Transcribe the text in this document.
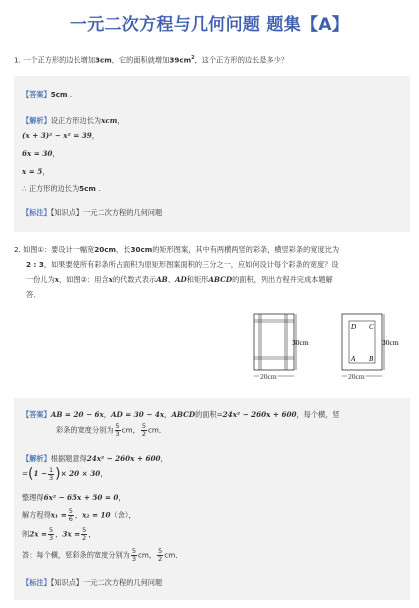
一元二次方程与几何问题 题集【A】
1. 一个正方形的边长增加3cm，它的面积就增加$39cm^2$，这个正方形的边长是多少？
【答案】5cm .
【解析】设正方形边长为xcm，
(x + 3)² − x² = 39，
6x = 30，
x = 5，
∴ 正方形的边长为5cm .
【标注】【知识点】一元二次方程的几何问题
2. 如图①：要设计一幅宽20cm，长30cm的矩形图案，其中有两横两竖的彩条，横竖彩条的宽度比为
2 : 3，如果要使所有彩条所占面积为原矩形图案面积的三分之一，应如何设计每个彩条的宽度？设
一份儿为x，如图②：用含x的代数式表示AB、AD和矩形ABCD的面积，列出方程并完成本题解
答．
30cm
20cm
D C
A B
30cm
20cm
【答案】AB = 20 − 6x，AD = 30 − 4x，ABCD的面积=24x² − 260x + 600，每个横，竖
彩条的宽度分别为 $\frac{5}{3}$ cm， $\frac{5}{2}$ cm．
【解析】根据题意得24x² − 260x + 600，
$=(1 - \frac{1}{3}$ )× 20 × 30，
整理得6x² − 65x + 50 = 0，
解方程得$x_1 = \frac{5}{6}$ ，x₂ = 10（舍），
则$2x = \frac{5}{3}$ ，$3x = \frac{5}{2}$ ，
答：每个横，竖彩条的宽度分别为 $\frac{5}{3}$ cm， $\frac{5}{2}$ cm．
【标注】【知识点】一元二次方程的几何问题
